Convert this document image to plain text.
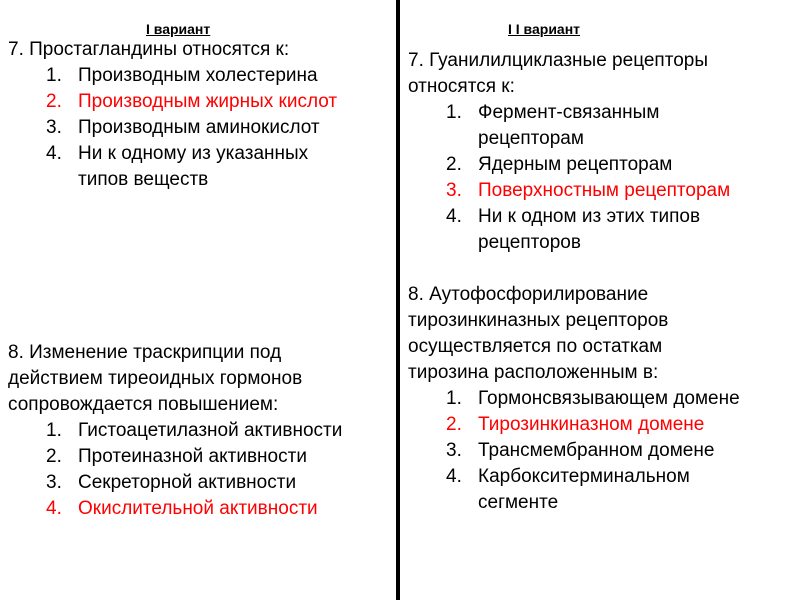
I вариант	I I вариант

7. Простагландины относятся к:

1. Производным холестерина
2. Производным жирных кислот
3. Производным аминокислот
4. Ни к одному из указанных типов веществ

8. Изменение траскрипции под

действием тиреоидных гормонов

сопровождается повышением:

1. Гистоацетилазной активности
2. Протеиназной активности
3. Секреторной активности
4. Окислительной активности

7. Гуанилилциклазные рецепторы

относятся к:

1. Фермент-связанным рецепторам
2. Ядерным рецепторам
3. Поверхностным рецепторам
4. Ни к одном из этих типов рецепторов

8. Аутофосфорилирование

тирозинкиназных рецепторов

осуществляется по остаткам

тирозина расположенным в:

1. Гормонсвязывающем домене
2. Тирозинкиназном домене
3. Трансмембранном домене
4. Карбокситерминальном сегменте
